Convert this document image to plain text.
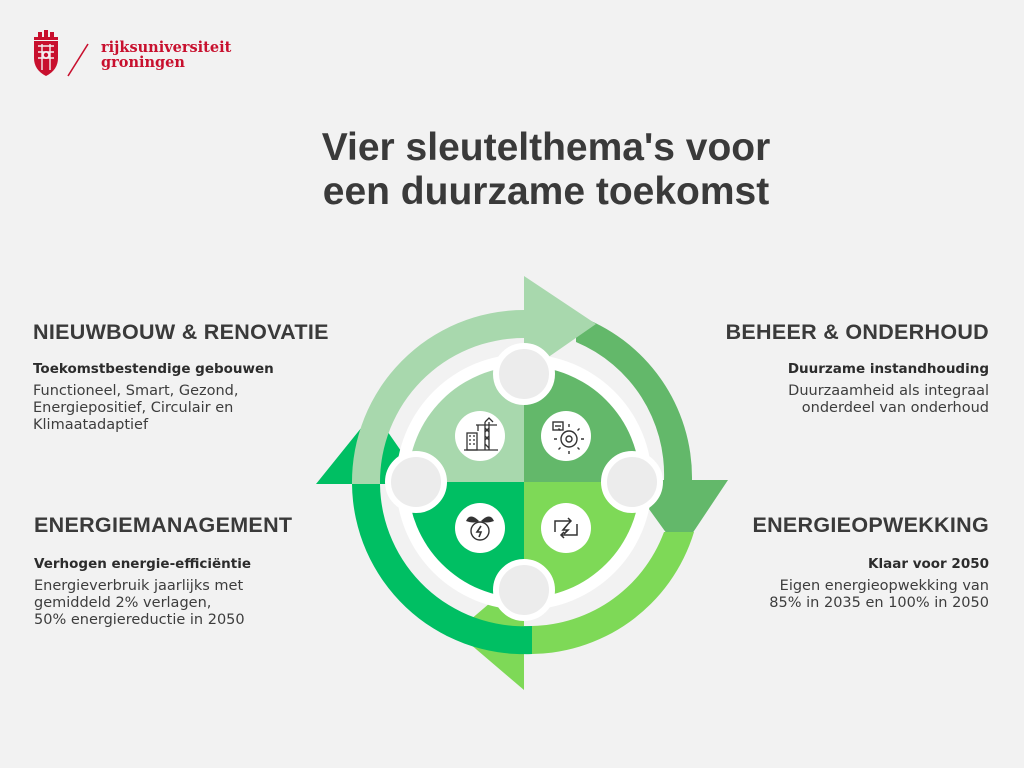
rijksuniversiteit
groningen
Vier sleutelthema's voor
een duurzame toekomst
NIEUWBOUW & RENOVATIE
Toekomstbestendige gebouwen

Functioneel, Smart, Gezond,
Energiepositief, Circulair en
Klimaatadaptief

BEHEER & ONDERHOUD
Duurzame instandhouding

Duurzaamheid als integraal
onderdeel van onderhoud

ENERGIEMANAGEMENT
Verhogen energie-efficiëntie

Energieverbruik jaarlijks met
gemiddeld 2% verlagen,
50% energiereductie in 2050

ENERGIEOPWEKKING
Klaar voor 2050

Eigen energieopwekking van
85% in 2035 en 100% in 2050
